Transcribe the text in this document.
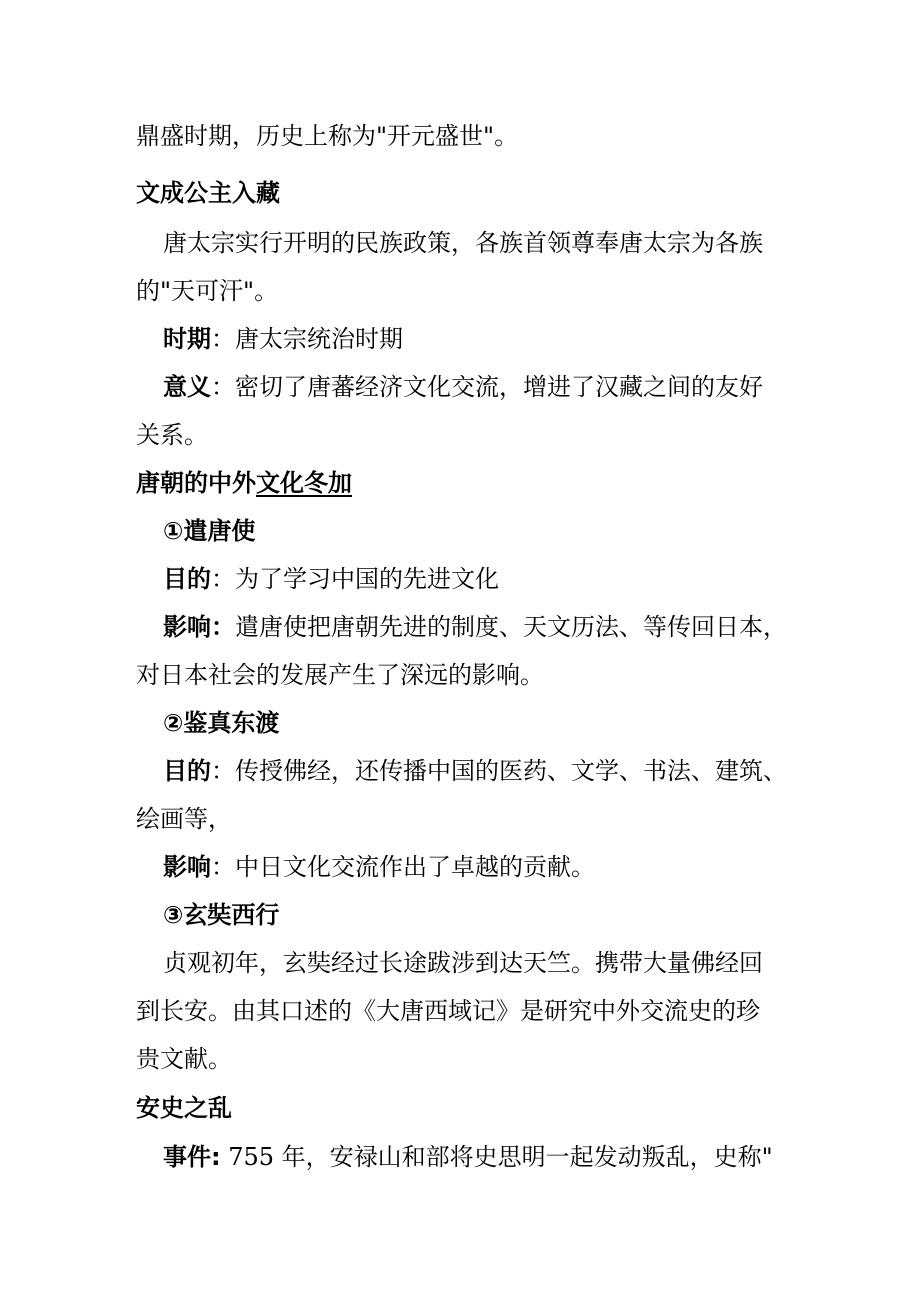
鼎盛时期，历史上称为"开元盛世"。
文成公主入藏
唐太宗实行开明的民族政策，各族首领尊奉唐太宗为各族
的"天可汗"。
时期：唐太宗统治时期
意义：密切了唐蕃经济文化交流，增进了汉藏之间的友好
关系。
唐朝的中外文化冬加
①遣唐使
目的：为了学习中国的先进文化
影响：遣唐使把唐朝先进的制度、天文历法、等传回日本，
对日本社会的发展产生了深远的影响。
②鉴真东渡
目的：传授佛经，还传播中国的医药、文学、书法、建筑、
绘画等，
影响：中日文化交流作出了卓越的贡献。
③玄奘西行
贞观初年，玄奘经过长途跋涉到达天竺。携带大量佛经回
到长安。由其口述的《大唐西域记》是研究中外交流史的珍
贵文献。
安史之乱
事件: 755 年，安禄山和部将史思明一起发动叛乱，史称"
